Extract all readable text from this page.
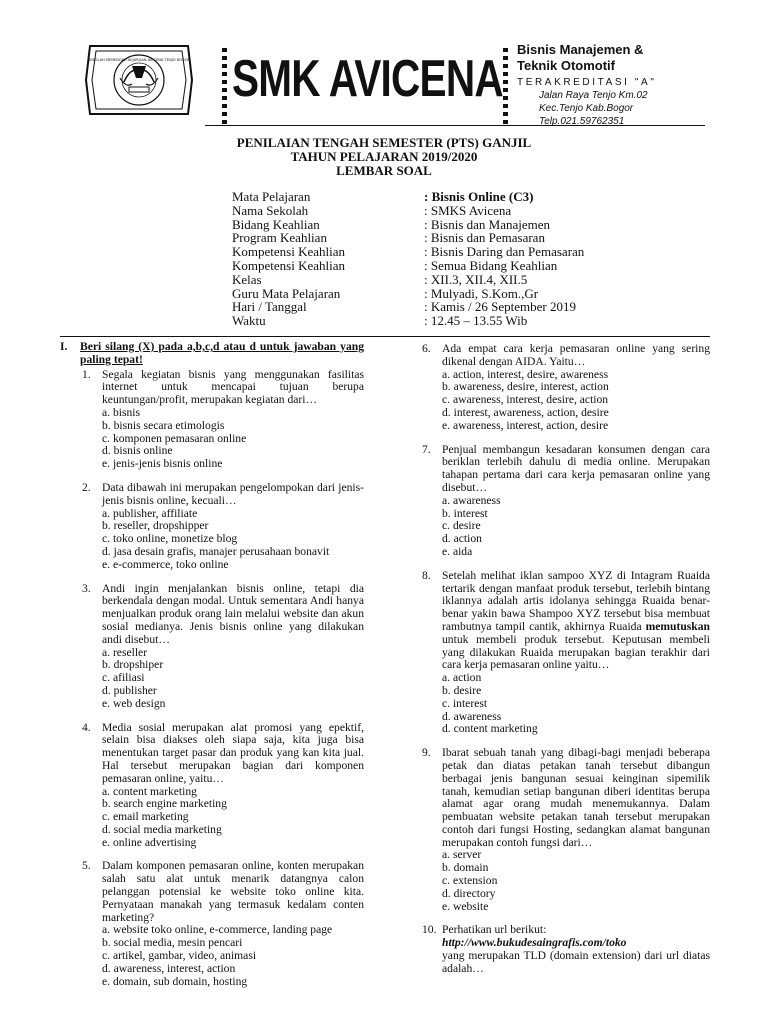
SEKOLAH MENENGAH KEJURUAN AVICENA TENJO BOGOR SMK AVICENA
Bisnis Manajemen &
Teknik Otomotif
TERAKREDITASI "A"
Jalan Raya Tenjo Km.02
Kec.Tenjo Kab.Bogor
Telp.021.59762351
PENILAIAN TENGAH SEMESTER (PTS) GANJIL
TAHUN PELAJARAN 2019/2020
LEMBAR SOAL
Mata Pelajaran	: Bisnis Online (C3)
Nama Sekolah	: SMKS Avicena
Bidang Keahlian	: Bisnis dan Manajemen
Program Keahlian	: Bisnis dan Pemasaran
Kompetensi Keahlian	: Bisnis Daring dan Pemasaran
Kompetensi Keahlian	: Semua Bidang Keahlian
Kelas	: XII.3, XII.4, XII.5
Guru Mata Pelajaran	: Mulyadi, S.Kom.,Gr
Hari / Tanggal	: Kamis / 26 September 2019
Waktu	: 12.45 – 13.55 Wib
I.	Beri silang (X) pada a,b,c,d atau d untuk jawaban yang paling tepat!
1. Segala kegiatan bisnis yang menggunakan fasilitas internet untuk mencapai tujuan berupa keuntungan/profit, merupakan kegiatan dari…
a. bisnis
b. bisnis secara etimologis
c. komponen pemasaran online
d. bisnis online
e. jenis-jenis bisnis online
2. Data dibawah ini merupakan pengelompokan dari jenis-jenis bisnis online, kecuali…
a. publisher, affiliate
b. reseller, dropshipper
c. toko online, monetize blog
d. jasa desain grafis, manajer perusahaan bonavit
e. e-commerce, toko online
3. Andi ingin menjalankan bisnis online, tetapi dia berkendala dengan modal. Untuk sementara Andi hanya menjualkan produk orang lain melalui website dan akun sosial medianya. Jenis bisnis online yang dilakukan andi disebut…
a. reseller
b. dropshiper
c. afiliasi
d. publisher
e. web design
4. Media sosial merupakan alat promosi yang epektif, selain bisa diakses oleh siapa saja, kita juga bisa menentukan target pasar dan produk yang kan kita jual. Hal tersebut merupakan bagian dari komponen pemasaran online, yaitu…
a. content marketing
b. search engine marketing
c. email marketing
d. social media marketing
e. online advertising
5. Dalam komponen pemasaran online, konten merupakan salah satu alat untuk menarik datangnya calon pelanggan potensial ke website toko online kita. Pernyataan manakah yang termasuk kedalam conten marketing?
a. website toko online, e-commerce, landing page
b. social media, mesin pencari
c. artikel, gambar, video, animasi
d. awareness, interest, action
e. domain, sub domain, hosting
6. Ada empat cara kerja pemasaran online yang sering dikenal dengan AIDA. Yaitu…
a. action, interest, desire, awareness
b. awareness, desire, interest, action
c. awareness, interest, desire, action
d. interest, awareness, action, desire
e. awareness, interest, action, desire
7. Penjual membangun kesadaran konsumen dengan cara beriklan terlebih dahulu di media online. Merupakan tahapan pertama dari cara kerja pemasaran online yang disebut…
a. awareness
b. interest
c. desire
d. action
e. aida
8. Setelah melihat iklan sampoo XYZ di Intagram Ruaida tertarik dengan manfaat produk tersebut, terlebih bintang iklannya adalah artis idolanya sehingga Ruaida benar-benar yakin bawa Shampoo XYZ tersebut bisa membuat rambutnya tampil cantik, akhirnya Ruaida memutuskan untuk membeli produk tersebut. Keputusan membeli yang dilakukan Ruaida merupakan bagian terakhir dari cara kerja pemasaran online yaitu…
a. action
b. desire
c. interest
d. awareness
d. content marketing
9. Ibarat sebuah tanah yang dibagi-bagi menjadi beberapa petak dan diatas petakan tanah tersebut dibangun berbagai jenis bangunan sesuai keinginan sipemilik tanah, kemudian setiap bangunan diberi identitas berupa alamat agar orang mudah menemukannya. Dalam pembuatan website petakan tanah tersebut merupakan contoh dari fungsi Hosting, sedangkan alamat bangunan merupakan contoh fungsi dari…
a. server
b. domain
c. extension
d. directory
e. website
10. Perhatikan url berikut:
http://www.bukudesaingrafis.com/toko
yang merupakan TLD (domain extension) dari url diatas adalah…
